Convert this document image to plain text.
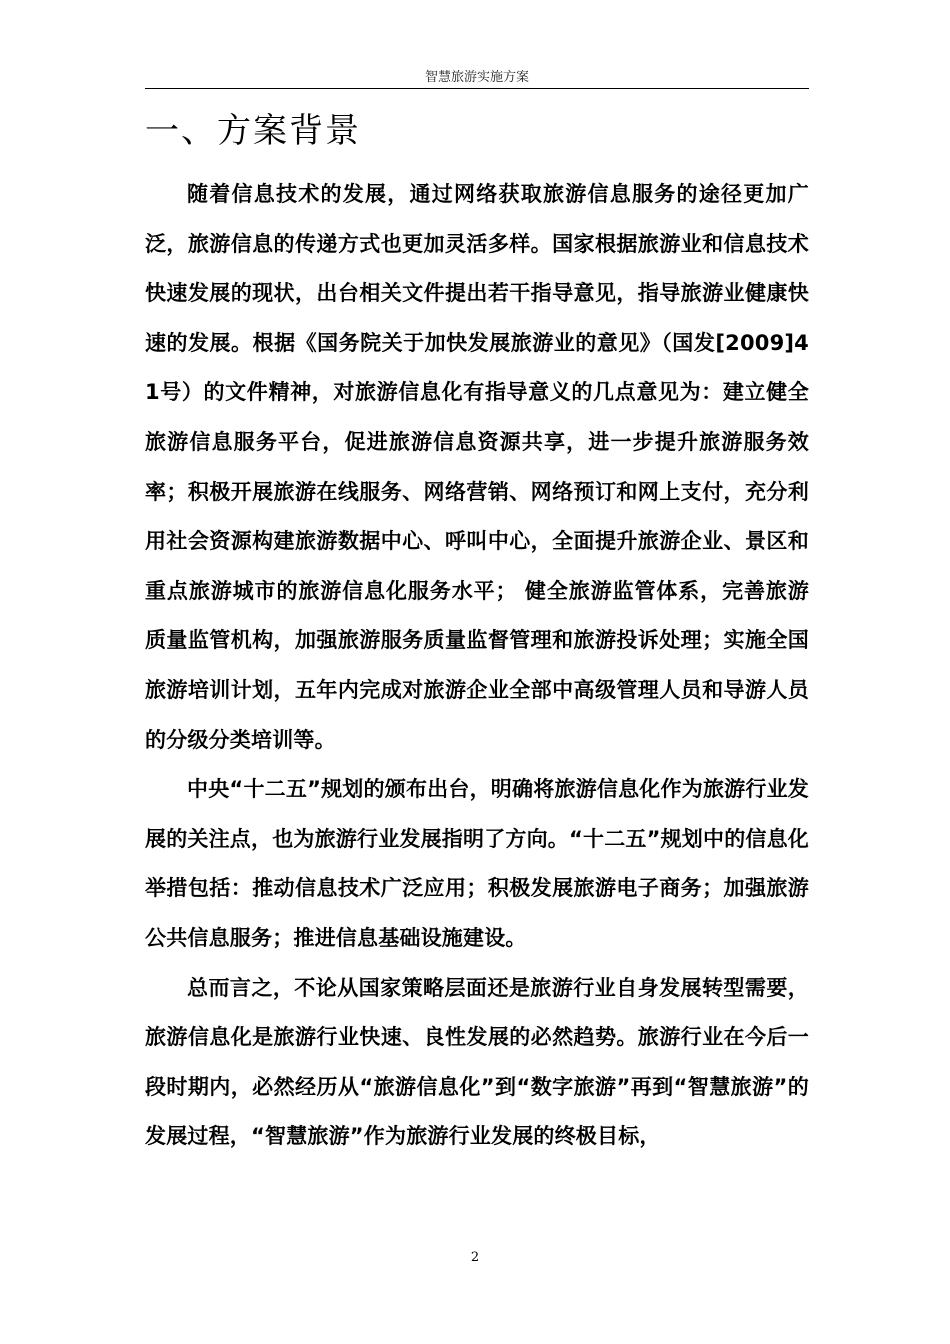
智慧旅游实施方案
一、方案背景

随着信息技术的发展，通过网络获取旅游信息服务的途径更加广泛，旅游信息的传递方式也更加灵活多样。国家根据旅游业和信息技术快速发展的现状，出台相关文件提出若干指导意见，指导旅游业健康快速的发展。根据《国务院关于加快发展旅游业的意见》（国发[2009]41号）的文件精神，对旅游信息化有指导意义的几点意见为：建立健全旅游信息服务平台，促进旅游信息资源共享，进一步提升旅游服务效率；积极开展旅游在线服务、网络营销、网络预订和网上支付，充分利用社会资源构建旅游数据中心、呼叫中心，全面提升旅游企业、景区和重点旅游城市的旅游信息化服务水平； 健全旅游监管体系，完善旅游质量监管机构，加强旅游服务质量监督管理和旅游投诉处理；实施全国旅游培训计划，五年内完成对旅游企业全部中高级管理人员和导游人员的分级分类培训等。

中央“十二五”规划的颁布出台，明确将旅游信息化作为旅游行业发展的关注点，也为旅游行业发展指明了方向。“十二五”规划中的信息化举措包括：推动信息技术广泛应用；积极发展旅游电子商务；加强旅游公共信息服务；推进信息基础设施建设。

总而言之，不论从国家策略层面还是旅游行业自身发展转型需要，旅游信息化是旅游行业快速、良性发展的必然趋势。旅游行业在今后一段时期内，必然经历从“旅游信息化”到“数字旅游”再到“智慧旅游”的发展过程，“智慧旅游”作为旅游行业发展的终极目标，

2
